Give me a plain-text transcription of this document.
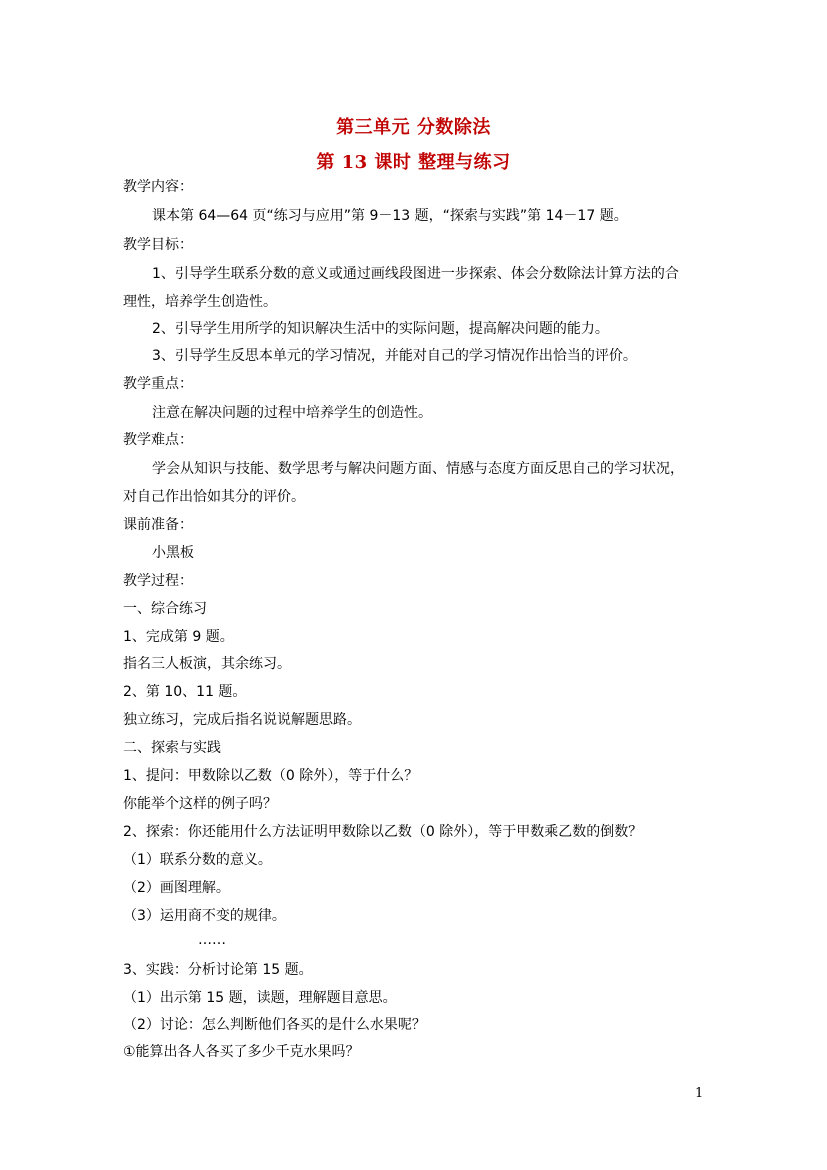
第三单元 分数除法
第 13 课时 整理与练习
教学内容：
课本第 64—64 页“练习与应用”第 9－13 题，“探索与实践”第 14－17 题。
教学目标：
1、引导学生联系分数的意义或通过画线段图进一步探索、体会分数除法计算方法的合
理性，培养学生创造性。
2、引导学生用所学的知识解决生活中的实际问题，提高解决问题的能力。
3、引导学生反思本单元的学习情况，并能对自己的学习情况作出恰当的评价。
教学重点：
注意在解决问题的过程中培养学生的创造性。
教学难点：
学会从知识与技能、数学思考与解决问题方面、情感与态度方面反思自己的学习状况，
对自己作出恰如其分的评价。
课前准备：
小黑板
教学过程：
一、综合练习
1、完成第 9 题。
指名三人板演，其余练习。
2、第 10、11 题。
独立练习，完成后指名说说解题思路。
二、探索与实践
1、提问：甲数除以乙数（0 除外），等于什么？
你能举个这样的例子吗？
2、探索：你还能用什么方法证明甲数除以乙数（0 除外），等于甲数乘乙数的倒数？
（1）联系分数的意义。
（2）画图理解。
（3）运用商不变的规律。
……
3、实践：分析讨论第 15 题。
（1）出示第 15 题，读题，理解题目意思。
（2）讨论：怎么判断他们各买的是什么水果呢？
①能算出各人各买了多少千克水果吗？
1
